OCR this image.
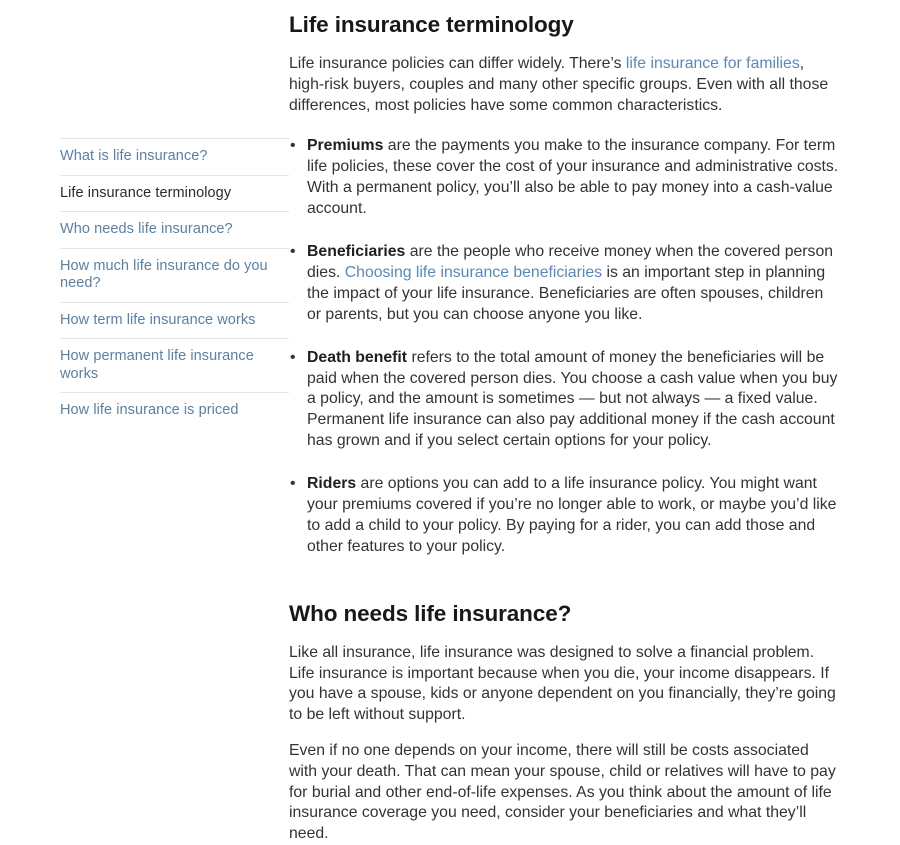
What is life insurance?
Life insurance terminology
Who needs life insurance?
How much life insurance do you need?
How term life insurance works
How permanent life insurance works
How life insurance is priced
Life insurance terminology

Life insurance policies can differ widely. There’s life insurance for families, high-risk buyers, couples and many other specific groups. Even with all those differences, most policies have some common characteristics.

• Premiums are the payments you make to the insurance company. For term life policies, these cover the cost of your insurance and administrative costs. With a permanent policy, you’ll also be able to pay money into a cash-value account.
• Beneficiaries are the people who receive money when the covered person dies. Choosing life insurance beneficiaries is an important step in planning the impact of your life insurance. Beneficiaries are often spouses, children or parents, but you can choose anyone you like.
• Death benefit refers to the total amount of money the beneficiaries will be paid when the covered person dies. You choose a cash value when you buy a policy, and the amount is sometimes — but not always — a fixed value. Permanent life insurance can also pay additional money if the cash account has grown and if you select certain options for your policy.
• Riders are options you can add to a life insurance policy. You might want your premiums covered if you’re no longer able to work, or maybe you’d like to add a child to your policy. By paying for a rider, you can add those and other features to your policy.
Who needs life insurance?

Like all insurance, life insurance was designed to solve a financial problem. Life insurance is important because when you die, your income disappears. If you have a spouse, kids or anyone dependent on you financially, they’re going to be left without support.

Even if no one depends on your income, there will still be costs associated with your death. That can mean your spouse, child or relatives will have to pay for burial and other end-of-life expenses. As you think about the amount of life insurance coverage you need, consider your beneficiaries and what they’ll need.
